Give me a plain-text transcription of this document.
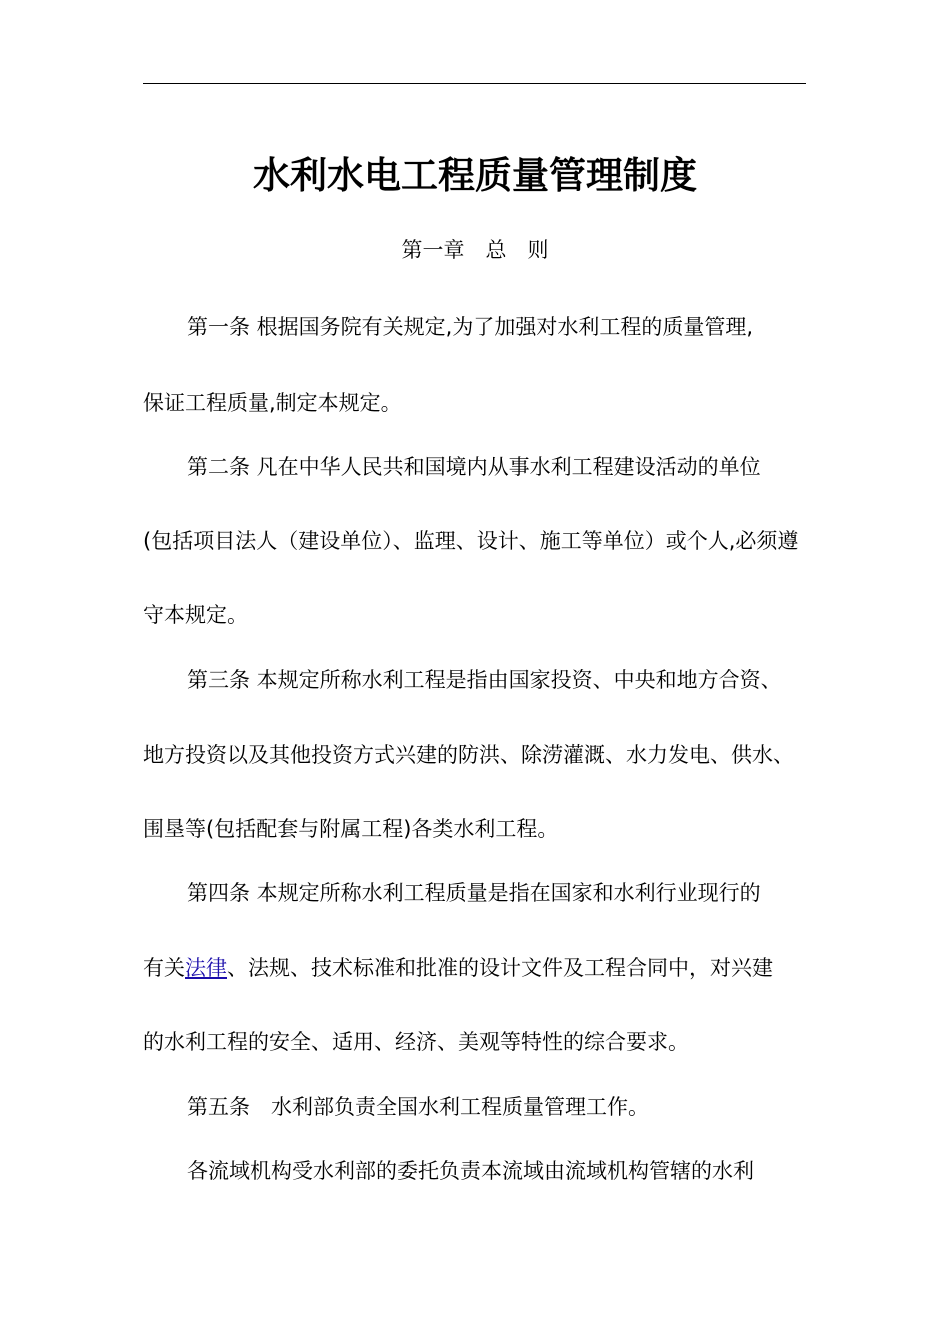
水利水电工程质量管理制度
第一章　总　则
第一条 根据国务院有关规定,为了加强对水利工程的质量管理,
保证工程质量,制定本规定。
第二条 凡在中华人民共和国境内从事水利工程建设活动的单位
(包括项目法人（建设单位）、监理、设计、施工等单位）或个人,必须遵
守本规定。
第三条 本规定所称水利工程是指由国家投资、中央和地方合资、
地方投资以及其他投资方式兴建的防洪、除涝灌溉、水力发电、供水、
围垦等(包括配套与附属工程)各类水利工程。
第四条 本规定所称水利工程质量是指在国家和水利行业现行的
有关法律、法规、技术标准和批准的设计文件及工程合同中，对兴建
的水利工程的安全、适用、经济、美观等特性的综合要求。
第五条　水利部负责全国水利工程质量管理工作。
各流域机构受水利部的委托负责本流域由流域机构管辖的水利
